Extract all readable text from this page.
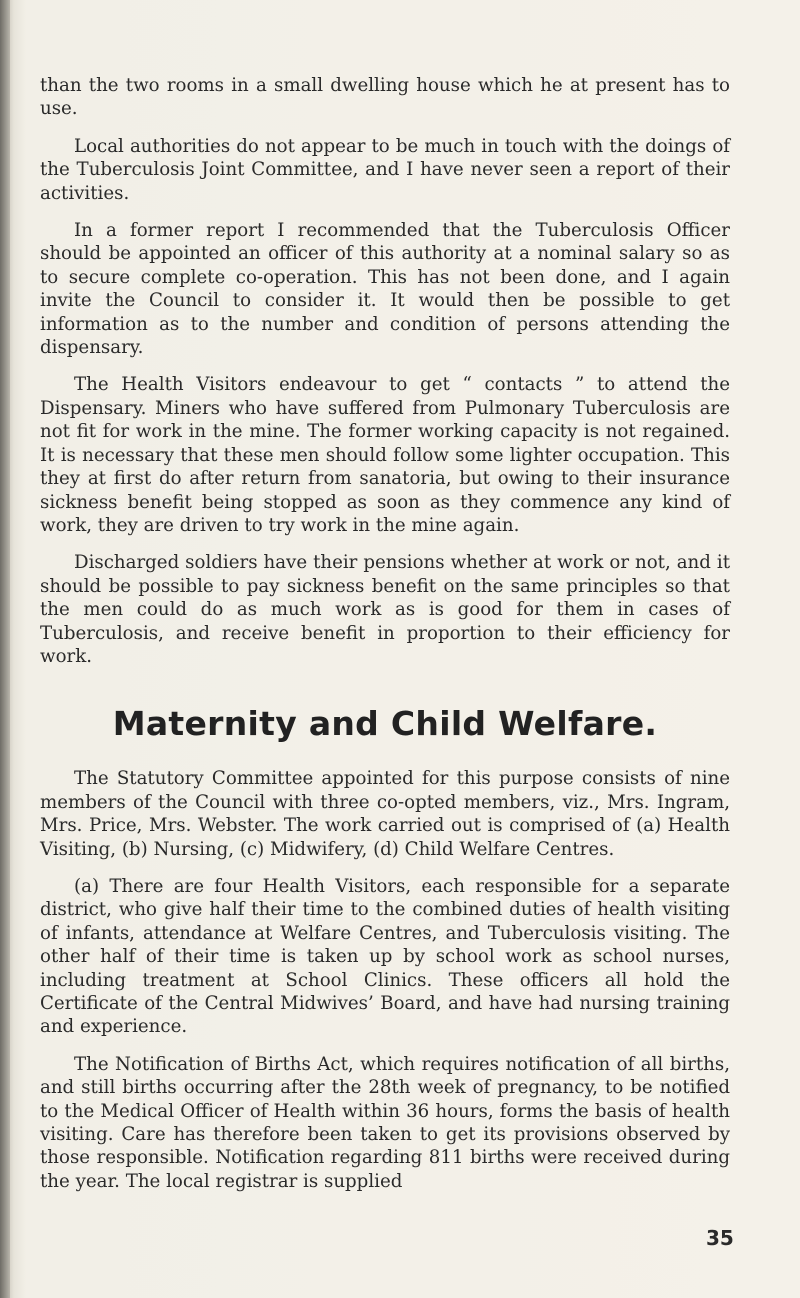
than the two rooms in a small dwelling house which he at present has to use.

Local authorities do not appear to be much in touch with the doings of the Tuberculosis Joint Committee, and I have never seen a report of their activities.

In a former report I recommended that the Tuberculosis Officer should be appointed an officer of this authority at a nominal salary so as to secure complete co-operation. This has not been done, and I again invite the Council to consider it. It would then be possible to get information as to the number and condition of persons attending the dispensary.

The Health Visitors endeavour to get “ contacts ” to attend the Dispensary. Miners who have suffered from Pulmonary Tuberculosis are not fit for work in the mine. The former working capacity is not regained. It is necessary that these men should follow some lighter occupation. This they at first do after return from sanatoria, but owing to their insurance sickness benefit being stopped as soon as they commence any kind of work, they are driven to try work in the mine again.

Discharged soldiers have their pensions whether at work or not, and it should be possible to pay sickness benefit on the same principles so that the men could do as much work as is good for them in cases of Tuberculosis, and receive benefit in proportion to their efficiency for work.

Maternity and Child Welfare.

The Statutory Committee appointed for this purpose consists of nine members of the Council with three co-opted members, viz., Mrs. Ingram, Mrs. Price, Mrs. Webster. The work carried out is comprised of (a) Health Visiting, (b) Nursing, (c) Midwifery, (d) Child Welfare Centres.

(a) There are four Health Visitors, each responsible for a separate district, who give half their time to the combined duties of health visiting of infants, attendance at Welfare Centres, and Tuberculosis visiting. The other half of their time is taken up by school work as school nurses, including treatment at School Clinics. These officers all hold the Certificate of the Central Midwives’ Board, and have had nursing training and experience.

The Notification of Births Act, which requires notification of all births, and still births occurring after the 28th week of pregnancy, to be notified to the Medical Officer of Health within 36 hours, forms the basis of health visiting. Care has therefore been taken to get its provisions observed by those responsible. Notification regarding 811 births were received during the year. The local registrar is supplied

35
